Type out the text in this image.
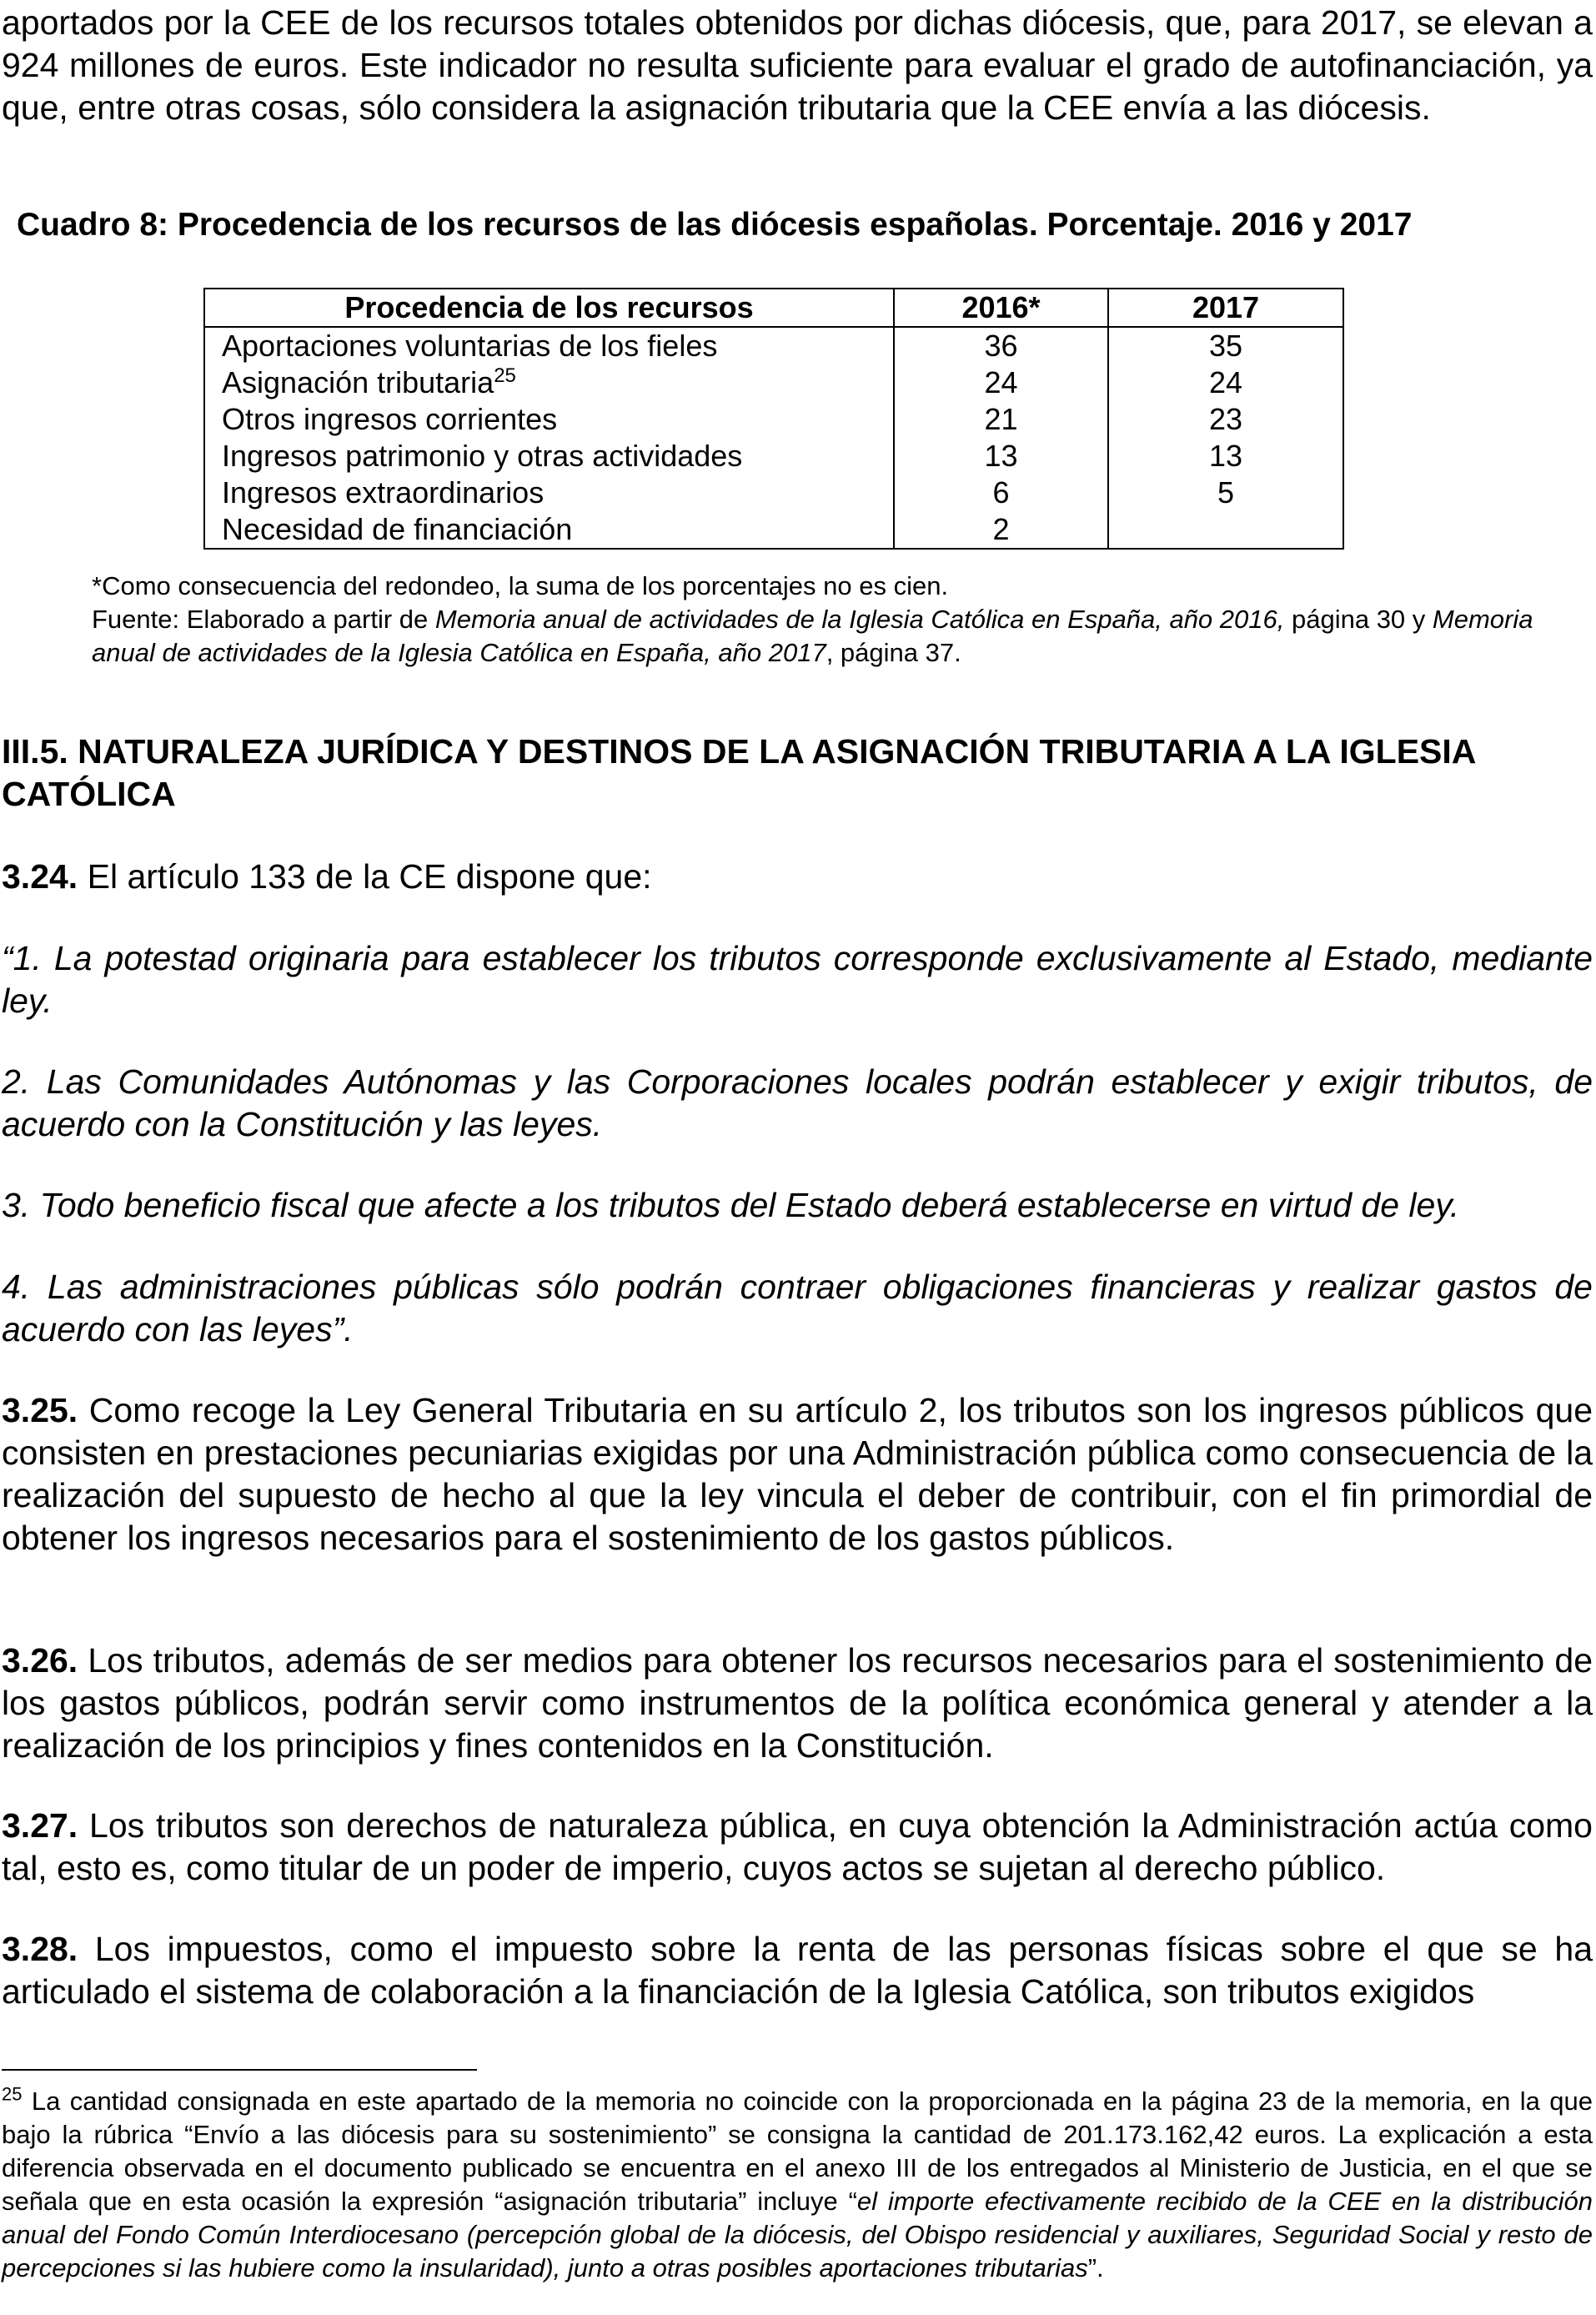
aportados por la CEE de los recursos totales obtenidos por dichas diócesis, que, para 2017, se elevan a 924 millones de euros. Este indicador no resulta suficiente para evaluar el grado de autofinanciación, ya que, entre otras cosas, sólo considera la asignación tributaria que la CEE envía a las diócesis.

Cuadro 8: Procedencia de los recursos de las diócesis españolas. Porcentaje. 2016 y 2017

Procedencia de los recursos	2016*	2017
Aportaciones voluntarias de los fieles	36	35
Asignación tributaria$^{25}$	24	24
Otros ingresos corrientes	21	23
Ingresos patrimonio y otras actividades	13	13
Ingresos extraordinarios	6	5
Necesidad de financiación	2	

*Como consecuencia del redondeo, la suma de los porcentajes no es cien.

Fuente: Elaborado a partir de Memoria anual de actividades de la Iglesia Católica en España, año 2016, página 30 y Memoria anual de actividades de la Iglesia Católica en España, año 2017, página 37.

III.5. NATURALEZA JURÍDICA Y DESTINOS DE LA ASIGNACIÓN TRIBUTARIA A LA IGLESIA CATÓLICA

3.24. El artículo 133 de la CE dispone que:

“1. La potestad originaria para establecer los tributos corresponde exclusivamente al Estado, mediante ley.

2. Las Comunidades Autónomas y las Corporaciones locales podrán establecer y exigir tributos, de acuerdo con la Constitución y las leyes.

3. Todo beneficio fiscal que afecte a los tributos del Estado deberá establecerse en virtud de ley.

4. Las administraciones públicas sólo podrán contraer obligaciones financieras y realizar gastos de acuerdo con las leyes”.

3.25. Como recoge la Ley General Tributaria en su artículo 2, los tributos son los ingresos públicos que consisten en prestaciones pecuniarias exigidas por una Administración pública como consecuencia de la realización del supuesto de hecho al que la ley vincula el deber de contribuir, con el fin primordial de obtener los ingresos necesarios para el sostenimiento de los gastos públicos.

3.26. Los tributos, además de ser medios para obtener los recursos necesarios para el sostenimiento de los gastos públicos, podrán servir como instrumentos de la política económica general y atender a la realización de los principios y fines contenidos en la Constitución.

3.27. Los tributos son derechos de naturaleza pública, en cuya obtención la Administración actúa como tal, esto es, como titular de un poder de imperio, cuyos actos se sujetan al derecho público.

3.28. Los impuestos, como el impuesto sobre la renta de las personas físicas sobre el que se ha articulado el sistema de colaboración a la financiación de la Iglesia Católica, son tributos exigidos

$^{25}$ La cantidad consignada en este apartado de la memoria no coincide con la proporcionada en la página 23 de la memoria, en la que bajo la rúbrica “Envío a las diócesis para su sostenimiento” se consigna la cantidad de 201.173.162,42 euros. La explicación a esta diferencia observada en el documento publicado se encuentra en el anexo III de los entregados al Ministerio de Justicia, en el que se señala que en esta ocasión la expresión “asignación tributaria” incluye “el importe efectivamente recibido de la CEE en la distribución anual del Fondo Común Interdiocesano (percepción global de la diócesis, del Obispo residencial y auxiliares, Seguridad Social y resto de percepciones si las hubiere como la insularidad), junto a otras posibles aportaciones tributarias”.
